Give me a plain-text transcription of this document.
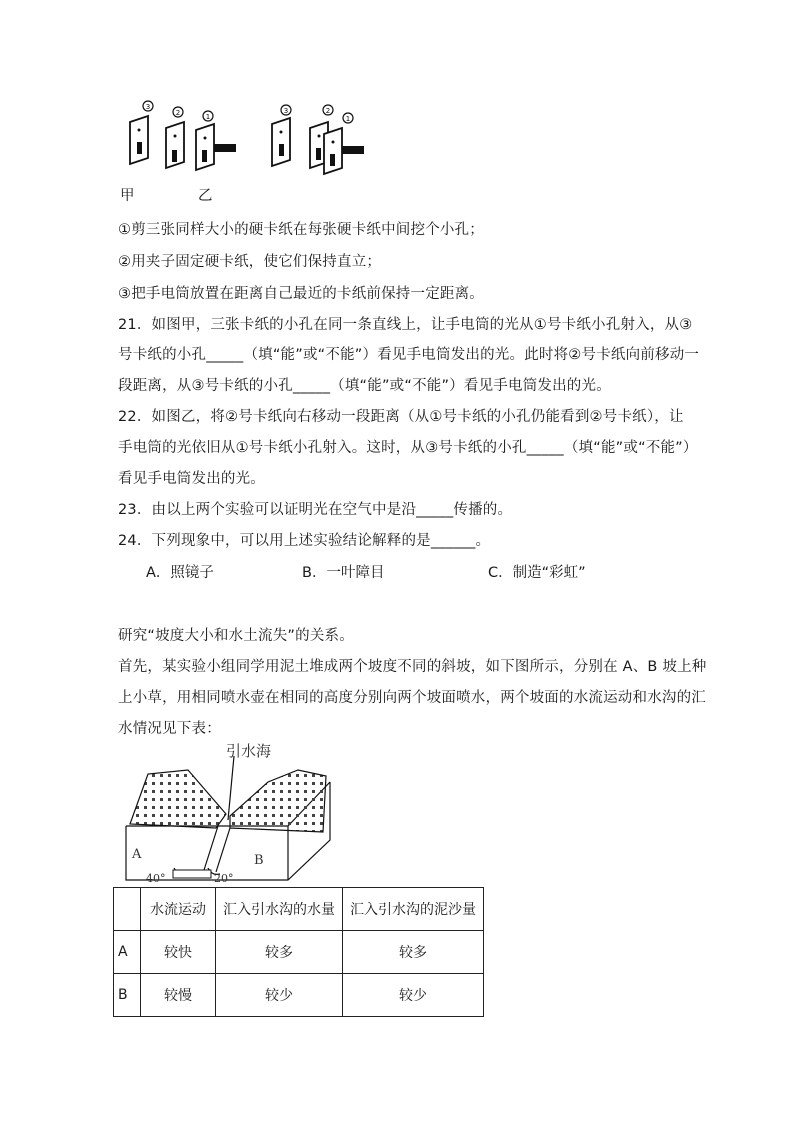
3
2	1
3	2
1
甲	乙
①剪三张同样大小的硬卡纸在每张硬卡纸中间挖个小孔；
②用夹子固定硬卡纸，使它们保持直立；
③把手电筒放置在距离自己最近的卡纸前保持一定距离。
21．如图甲，三张卡纸的小孔在同一条直线上，让手电筒的光从①号卡纸小孔射入，从③
号卡纸的小孔_____（填“能”或“不能”）看见手电筒发出的光。此时将②号卡纸向前移动一
段距离，从③号卡纸的小孔_____（填“能”或“不能”）看见手电筒发出的光。
22．如图乙，将②号卡纸向右移动一段距离（从①号卡纸的小孔仍能看到②号卡纸），让
手电筒的光依旧从①号卡纸小孔射入。这时，从③号卡纸的小孔_____（填“能”或“不能”）
看见手电筒发出的光。
23．由以上两个实验可以证明光在空气中是沿_____传播的。
24．下列现象中，可以用上述实验结论解释的是______。
A．照镜子	B．一叶障目	C．制造“彩虹”
研究“坡度大小和水土流失”的关系。
首先，某实验小组同学用泥土堆成两个坡度不同的斜坡，如下图所示，分别在 A、B 坡上种
上小草，用相同喷水壶在相同的高度分别向两个坡面喷水，两个坡面的水流运动和水沟的汇
水情况见下表：
引水海
A	B
40°	20°
	水流运动	汇入引水沟的水量	汇入引水沟的泥沙量
A	较快	较多	较多
B	较慢	较少	较少
